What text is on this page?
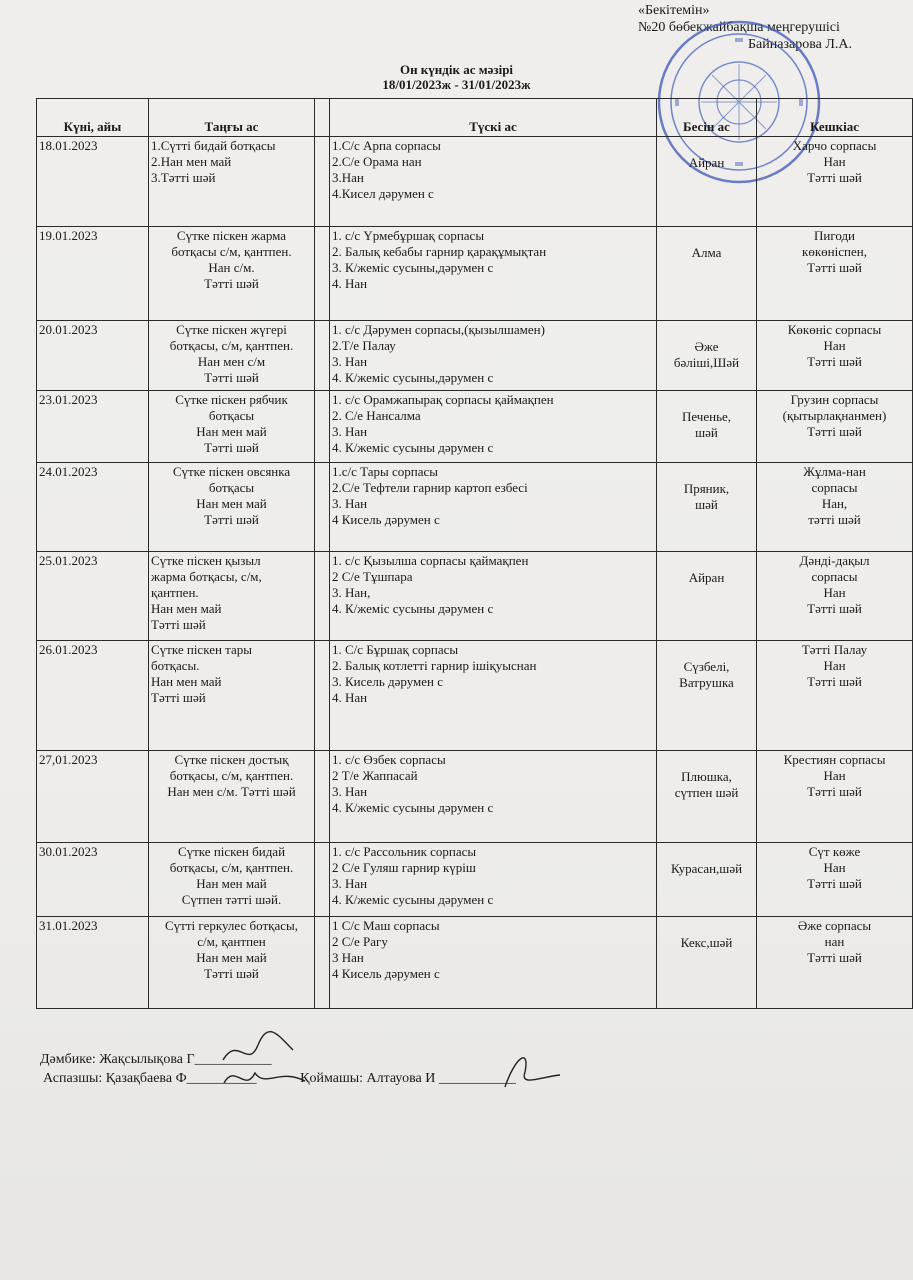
«Бекітемін»
№20 бөбекжайбақша меңгерушісі
Байназарова Л.А.
Он күндік ас мәзірі
18/01/2023ж - 31/01/2023ж
Күні, айы	Таңғы ас		Түскі ас	Бесін ас	Кешкіас

18.01.2023	1.Сүтті бидай ботқасы
2.Нан мен май
3.Тәтті шәй		1.С/с Арпа сорпасы
2.С/е Орама нан
3.Нан
4.Кисел дәрумен с	Айран	Харчо сорпасы
Нан
Тәтті шәй

19.01.2023	Сүтке піскен жарма
ботқасы с/м, қантпен.
Нан с/м.
Тәтті шәй		1. с/с Үрмебұршақ сорпасы
2. Балық кебабы гарнир қарақұмықтан
3. К/жеміс сусыны,дәрумен с
4. Нан	Алма	Пигоди
көкөніспен,
Тәтті шәй

20.01.2023	Сүтке піскен жүгері
ботқасы, с/м, қантпен.
Нан мен с/м
Тәтті шәй		1. с/с Дәрумен сорпасы,(қызылшамен)
2.Т/е Палау
3. Нан
4. К/жеміс сусыны,дәрумен с	Әже
бәліші,Шәй	Көкөніс сорпасы
Нан
Тәтті шәй

23.01.2023	Сүтке піскен рябчик
ботқасы
Нан мен май
Тәтті шәй		1. с/с Орамжапырақ сорпасы қаймақпен
2. С/е Нансалма
3. Нан
4. К/жеміс сусыны дәрумен с	Печенье,
шәй	Грузин сорпасы
(қытырлақнанмен)
Тәтті шәй

24.01.2023	Сүтке піскен овсянка
ботқасы
Нан мен май
Тәтті шәй		1.с/с Тары сорпасы
2.С/е Тефтели гарнир картоп езбесі
3. Нан
4 Кисель дәрумен с	Пряник,
шәй	Жұлма-нан
сорпасы
Нан,
тәтті шәй

25.01.2023	Сүтке піскен қызыл
жарма ботқасы, с/м,
қантпен.
Нан мен май
Тәтті шәй		1. с/с Қызылша сорпасы қаймақпен
2 С/е Тұшпара
3. Нан,
4. К/жеміс сусыны дәрумен с	Айран	Дәнді-дақыл
сорпасы
Нан
Тәтті шәй

26.01.2023	Сүтке піскен тары
ботқасы.
Нан мен май
Тәтті шәй		1. С/с Бұршақ сорпасы
2. Балық котлетті гарнир ішіқуыснан
3. Кисель дәрумен с
4. Нан	Сүзбелі,
Ватрушка	Тәтті Палау
Нан
Тәтті шәй

27,01.2023	Сүтке піскен достық
ботқасы, с/м, қантпен.
Нан мен с/м. Тәтті шәй		1. с/с Өзбек сорпасы
2 Т/е Жаппасай
3. Нан
4. К/жеміс сусыны дәрумен с	Плюшка,
сүтпен шәй	Крестиян сорпасы
Нан
Тәтті шәй

30.01.2023	Сүтке піскен бидай
ботқасы, с/м, қантпен.
Нан мен май
Сүтпен тәтті шәй.		1. с/с Рассольник сорпасы
2 С/е Гуляш гарнир күріш
3. Нан
4. К/жеміс сусыны дәрумен с	Курасан,шәй	Сүт көже
Нан
Тәтті шәй

31.01.2023	Сүтті геркулес ботқасы,
с/м, қантпен
Нан мен май
Тәтті шәй		1 С/с Маш сорпасы
2 С/е Рагу
3 Нан
4 Кисель дәрумен с	Кекс,шәй	Әже сорпасы
нан
Тәтті шәй
Дәмбике: Жақсылықова Г___________
Аспазшы: Қазақбаева Ф__________	Қоймашы: Алтауова И ___________
